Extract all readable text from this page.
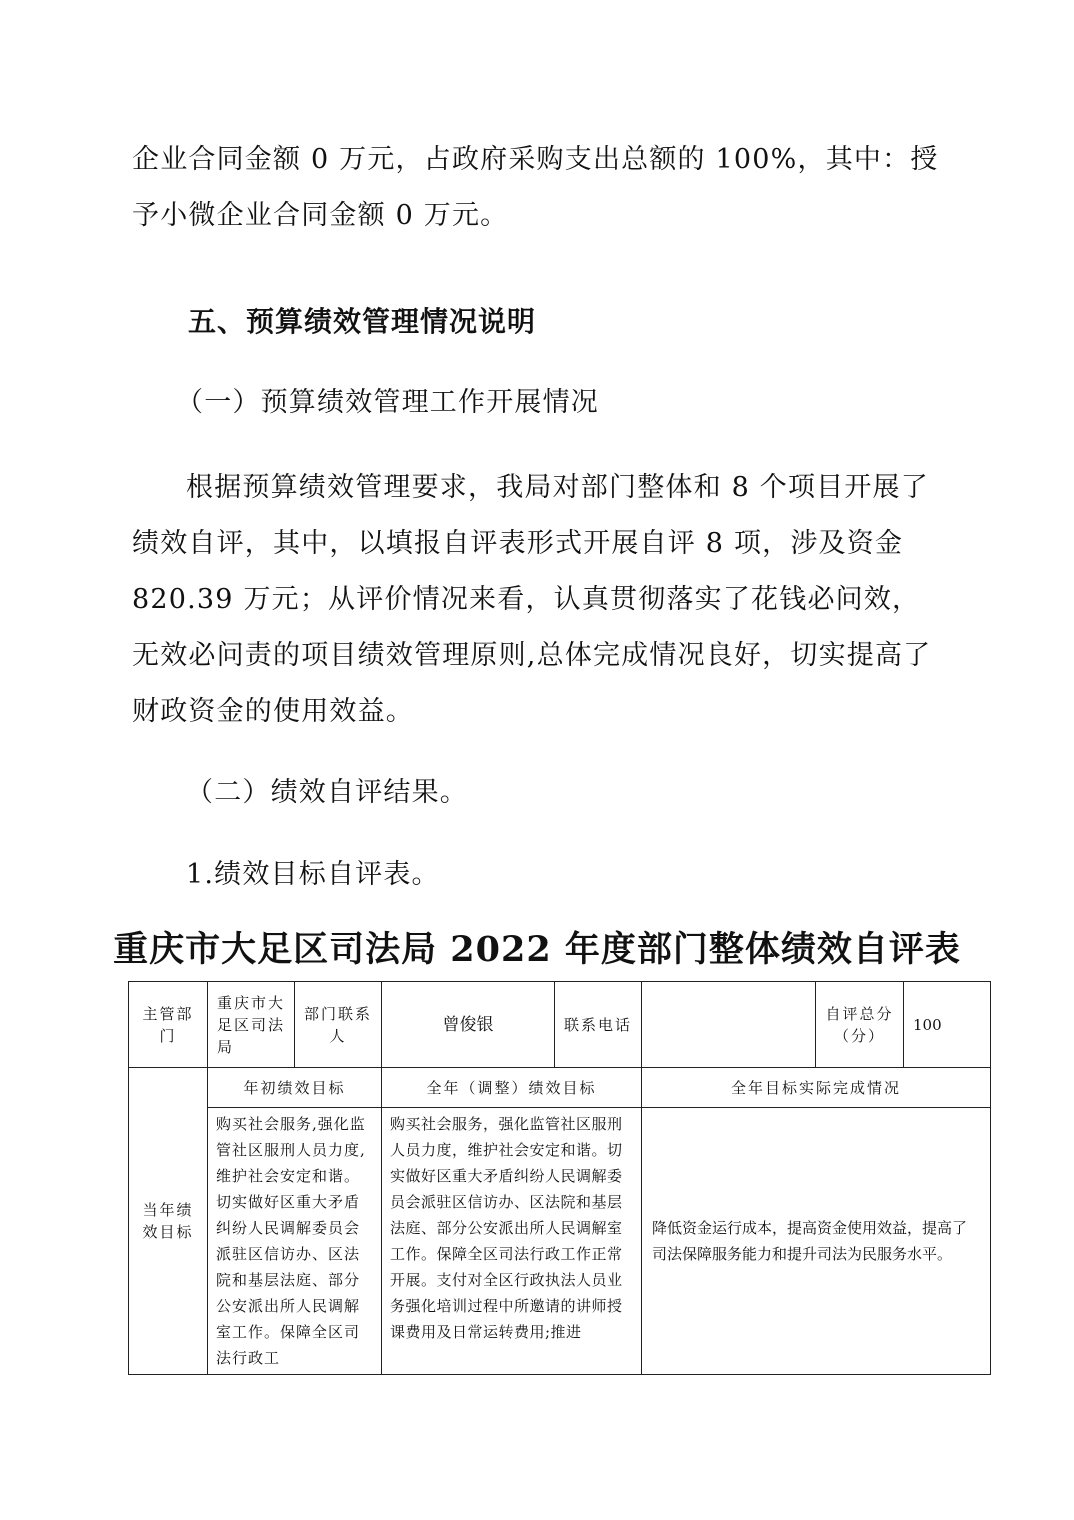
企业合同金额 0 万元，占政府采购支出总额的 100%，其中：授予小微企业合同金额 0 万元。

五、预算绩效管理情况说明

（一）预算绩效管理工作开展情况

根据预算绩效管理要求，我局对部门整体和 8 个项目开展了绩效自评，其中，以填报自评表形式开展自评 8 项，涉及资金 820.39 万元；从评价情况来看，认真贯彻落实了花钱必问效，无效必问责的项目绩效管理原则,总体完成情况良好，切实提高了财政资金的使用效益。

（二）绩效自评结果。

1.绩效目标自评表。

重庆市大足区司法局 2022 年度部门整体绩效自评表
主管部门	重庆市大足区司法局	部门联系人	曾俊银	联系电话		自评总分（分）	100
当年绩效目标	年初绩效目标		全年（调整）绩效目标		全年目标实际完成情况		
	购买社会服务,强化监管社区服刑人员力度,维护社会安定和谐。切实做好区重大矛盾纠纷人民调解委员会派驻区信访办、区法院和基层法庭、部分公安派出所人民调解室工作。保障全区司法行政工		购买社会服务，强化监管社区服刑人员力度，维护社会安定和谐。切实做好区重大矛盾纠纷人民调解委员会派驻区信访办、区法院和基层法庭、部分公安派出所人民调解室工作。保障全区司法行政工作正常开展。支付对全区行政执法人员业务强化培训过程中所邀请的讲师授课费用及日常运转费用;推进		降低资金运行成本，提高资金使用效益，提高了司法保障服务能力和提升司法为民服务水平。		
